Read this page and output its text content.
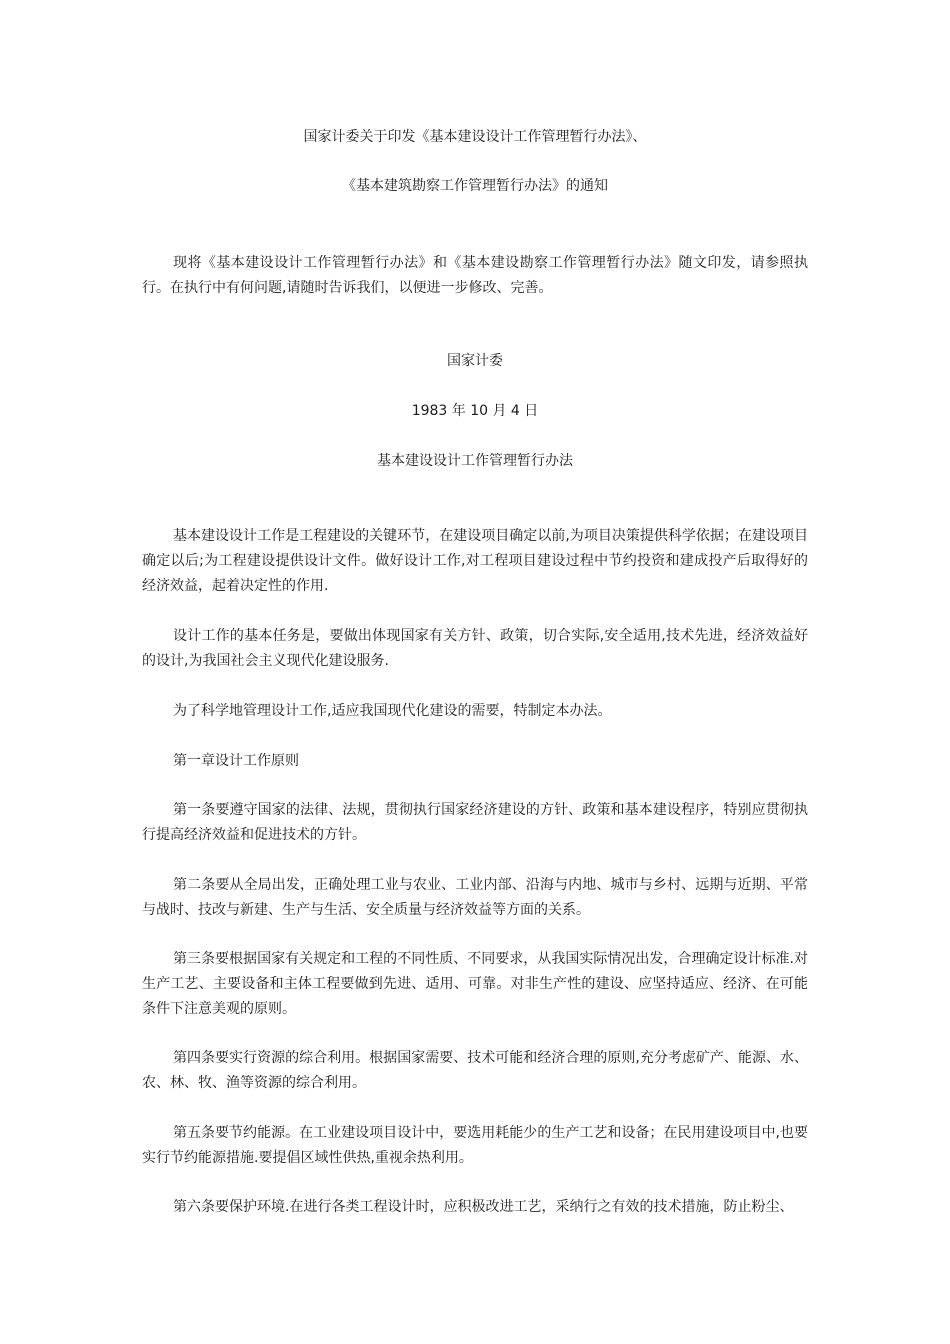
国家计委关于印发《基本建设设计工作管理暂行办法》、
《基本建筑勘察工作管理暂行办法》的通知

现将《基本建设设计工作管理暂行办法》和《基本建设勘察工作管理暂行办法》随文印发，请参照执行。在执行中有何问题,请随时告诉我们，以便进一步修改、完善。

国家计委
1983 年 10 月 4 日
基本建设设计工作管理暂行办法

基本建设设计工作是工程建设的关键环节，在建设项目确定以前,为项目决策提供科学依据；在建设项目确定以后;为工程建设提供设计文件。做好设计工作,对工程项目建设过程中节约投资和建成投产后取得好的经济效益，起着决定性的作用.

设计工作的基本任务是，要做出体现国家有关方针、政策，切合实际,安全适用,技术先进，经济效益好的设计,为我国社会主义现代化建设服务.

为了科学地管理设计工作,适应我国现代化建设的需要，特制定本办法。

第一章设计工作原则

第一条要遵守国家的法律、法规，贯彻执行国家经济建设的方针、政策和基本建设程序，特别应贯彻执行提高经济效益和促进技术的方针。

第二条要从全局出发，正确处理工业与农业、工业内部、沿海与内地、城市与乡村、远期与近期、平常与战时、技改与新建、生产与生活、安全质量与经济效益等方面的关系。

第三条要根据国家有关规定和工程的不同性质、不同要求，从我国实际情况出发，合理确定设计标准.对生产工艺、主要设备和主体工程要做到先进、适用、可靠。对非生产性的建设、应坚持适应、经济、在可能条件下注意美观的原则。

第四条要实行资源的综合利用。根据国家需要、技术可能和经济合理的原则,充分考虑矿产、能源、水、农、林、牧、渔等资源的综合利用。

第五条要节约能源。在工业建设项目设计中，要选用耗能少的生产工艺和设备；在民用建设项目中,也要实行节约能源措施.要提倡区域性供热,重视余热利用。

第六条要保护环境.在进行各类工程设计时，应积极改进工艺，采纳行之有效的技术措施，防止粉尘、
